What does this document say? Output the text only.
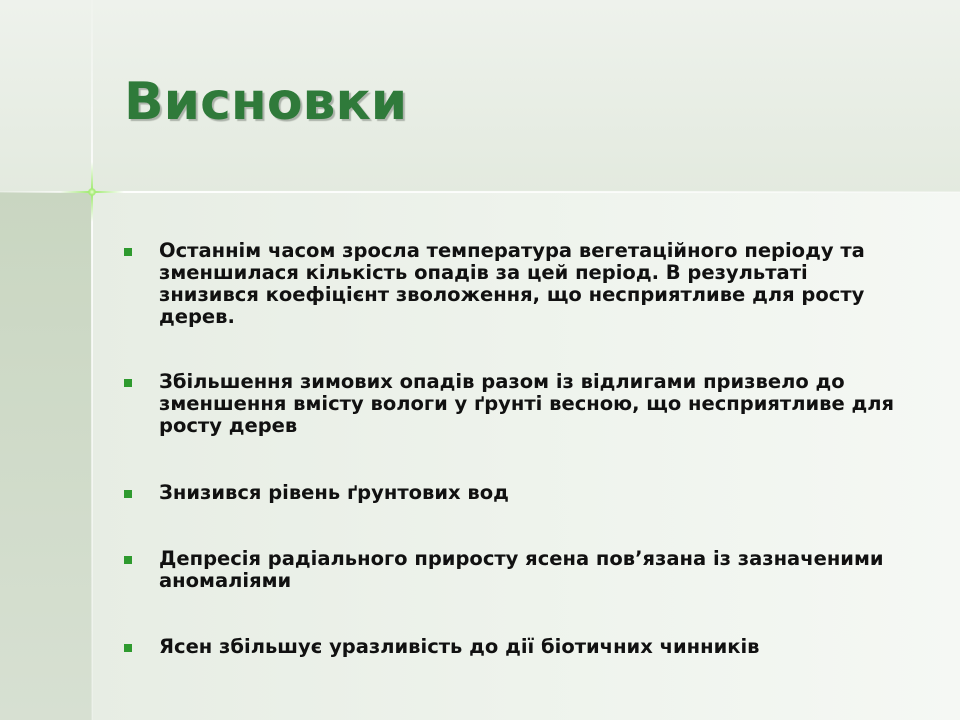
Висновки
Останнім часом зросла температура вегетаційного періоду та зменшилася кількість опадів за цей період. В результаті знизився коефіцієнт зволоження, що несприятливе для росту дерев.
Збільшення зимових опадів разом із відлигами призвело до зменшення вмісту вологи у ґрунті весною, що несприятливе для росту дерев
Знизився рівень ґрунтових вод
Депресія радіального приросту ясена пов’язана із зазначеними аномаліями
Ясен збільшує уразливість до дії біотичних чинників
